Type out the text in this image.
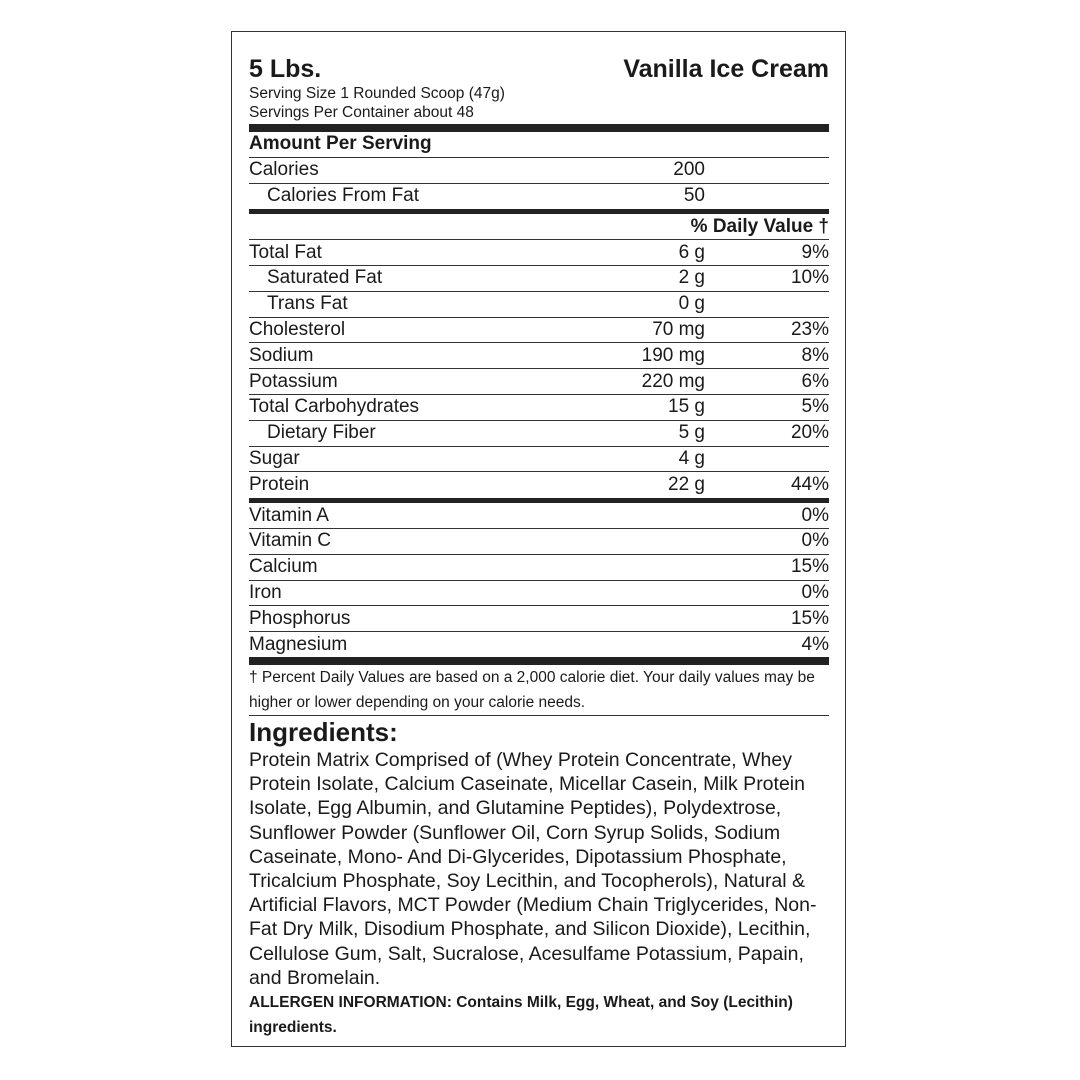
5 Lbs.	Vanilla Ice Cream
Serving Size 1 Rounded Scoop (47g)
Servings Per Container about 48
Amount Per Serving
Calories	200
Calories From Fat	50
% Daily Value †
Total Fat	6 g	9%
Saturated Fat	2 g	10%
Trans Fat	0 g
Cholesterol	70 mg	23%
Sodium	190 mg	8%
Potassium	220 mg	6%
Total Carbohydrates	15 g	5%
Dietary Fiber	5 g	20%
Sugar	4 g
Protein	22 g	44%
Vitamin A	0%
Vitamin C	0%
Calcium	15%
Iron	0%
Phosphorus	15%
Magnesium	4%
† Percent Daily Values are based on a 2,000 calorie diet. Your daily values may be higher or lower depending on your calorie needs.
Ingredients:
Protein Matrix Comprised of (Whey Protein Concentrate, Whey Protein Isolate, Calcium Caseinate, Micellar Casein, Milk Protein Isolate, Egg Albumin, and Glutamine Peptides), Polydextrose, Sunflower Powder (Sunflower Oil, Corn Syrup Solids, Sodium Caseinate, Mono- And Di-Glycerides, Dipotassium Phosphate, Tricalcium Phosphate, Soy Lecithin, and Tocopherols), Natural & Artificial Flavors, MCT Powder (Medium Chain Triglycerides, Non-Fat Dry Milk, Disodium Phosphate, and Silicon Dioxide), Lecithin, Cellulose Gum, Salt, Sucralose, Acesulfame Potassium, Papain, and Bromelain.
ALLERGEN INFORMATION: Contains Milk, Egg, Wheat, and Soy (Lecithin) ingredients.
